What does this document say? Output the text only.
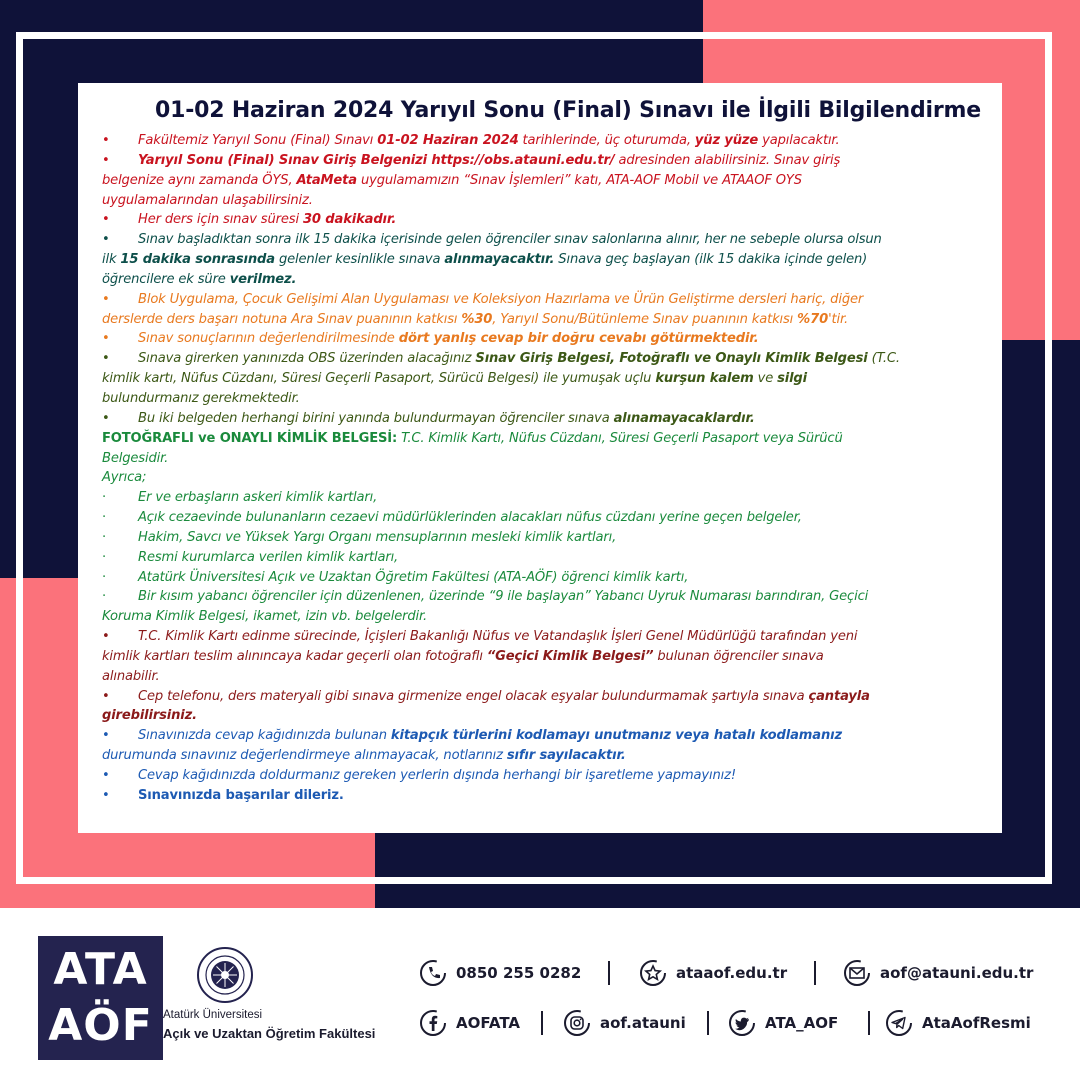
01-02 Haziran 2024 Yarıyıl Sonu (Final) Sınavı ile İlgili Bilgilendirme
• Fakültemiz Yarıyıl Sonu (Final) Sınavı 01-02 Haziran 2024 tarihlerinde, üç oturumda, yüz yüze yapılacaktır.
• Yarıyıl Sonu (Final) Sınav Giriş Belgenizi https://obs.atauni.edu.tr/ adresinden alabilirsiniz. Sınav giriş
belgenize aynı zamanda ÖYS, AtaMeta uygulamamızın “Sınav İşlemleri” katı, ATA-AOF Mobil ve ATAAOF OYS
uygulamalarından ulaşabilirsiniz.
• Her ders için sınav süresi 30 dakikadır.
• Sınav başladıktan sonra ilk 15 dakika içerisinde gelen öğrenciler sınav salonlarına alınır, her ne sebeple olursa olsun
ilk 15 dakika sonrasında gelenler kesinlikle sınava alınmayacaktır. Sınava geç başlayan (ilk 15 dakika içinde gelen)
öğrencilere ek süre verilmez.
• Blok Uygulama, Çocuk Gelişimi Alan Uygulaması ve Koleksiyon Hazırlama ve Ürün Geliştirme dersleri hariç, diğer
derslerde ders başarı notuna Ara Sınav puanının katkısı %30, Yarıyıl Sonu/Bütünleme Sınav puanının katkısı %70'tir.
• Sınav sonuçlarının değerlendirilmesinde dört yanlış cevap bir doğru cevabı götürmektedir.
• Sınava girerken yanınızda OBS üzerinden alacağınız Sınav Giriş Belgesi, Fotoğraflı ve Onaylı Kimlik Belgesi (T.C.
kimlik kartı, Nüfus Cüzdanı, Süresi Geçerli Pasaport, Sürücü Belgesi) ile yumuşak uçlu kurşun kalem ve silgi
bulundurmanız gerekmektedir.
• Bu iki belgeden herhangi birini yanında bulundurmayan öğrenciler sınava alınamayacaklardır.
FOTOĞRAFLI ve ONAYLI KİMLİK BELGESİ: T.C. Kimlik Kartı, Nüfus Cüzdanı, Süresi Geçerli Pasaport veya Sürücü
Belgesidir.
Ayrıca;
· Er ve erbaşların askeri kimlik kartları,
· Açık cezaevinde bulunanların cezaevi müdürlüklerinden alacakları nüfus cüzdanı yerine geçen belgeler,
· Hakim, Savcı ve Yüksek Yargı Organı mensuplarının mesleki kimlik kartları,
· Resmi kurumlarca verilen kimlik kartları,
· Atatürk Üniversitesi Açık ve Uzaktan Öğretim Fakültesi (ATA-AÖF) öğrenci kimlik kartı,
· Bir kısım yabancı öğrenciler için düzenlenen, üzerinde “9 ile başlayan” Yabancı Uyruk Numarası barındıran, Geçici
Koruma Kimlik Belgesi, ikamet, izin vb. belgelerdir.
• T.C. Kimlik Kartı edinme sürecinde, İçişleri Bakanlığı Nüfus ve Vatandaşlık İşleri Genel Müdürlüğü tarafından yeni
kimlik kartları teslim alınıncaya kadar geçerli olan fotoğraflı “Geçici Kimlik Belgesi” bulunan öğrenciler sınava
alınabilir.
• Cep telefonu, ders materyali gibi sınava girmenize engel olacak eşyalar bulundurmamak şartıyla sınava çantayla
girebilirsiniz.
• Sınavınızda cevap kağıdınızda bulunan kitapçık türlerini kodlamayı unutmanız veya hatalı kodlamanız
durumunda sınavınız değerlendirmeye alınmayacak, notlarınız sıfır sayılacaktır.
• Cevap kağıdınızda doldurmanız gereken yerlerin dışında herhangi bir işaretleme yapmayınız!
• Sınavınızda başarılar dileriz.
ATA
AÖF Atatürk Üniversitesi
Açık ve Uzaktan Öğretim Fakültesi
0850 255 0282	ataaof.edu.tr	aof@atauni.edu.tr
AOFATA	aof.atauni	ATA_AOF	AtaAofResmi
